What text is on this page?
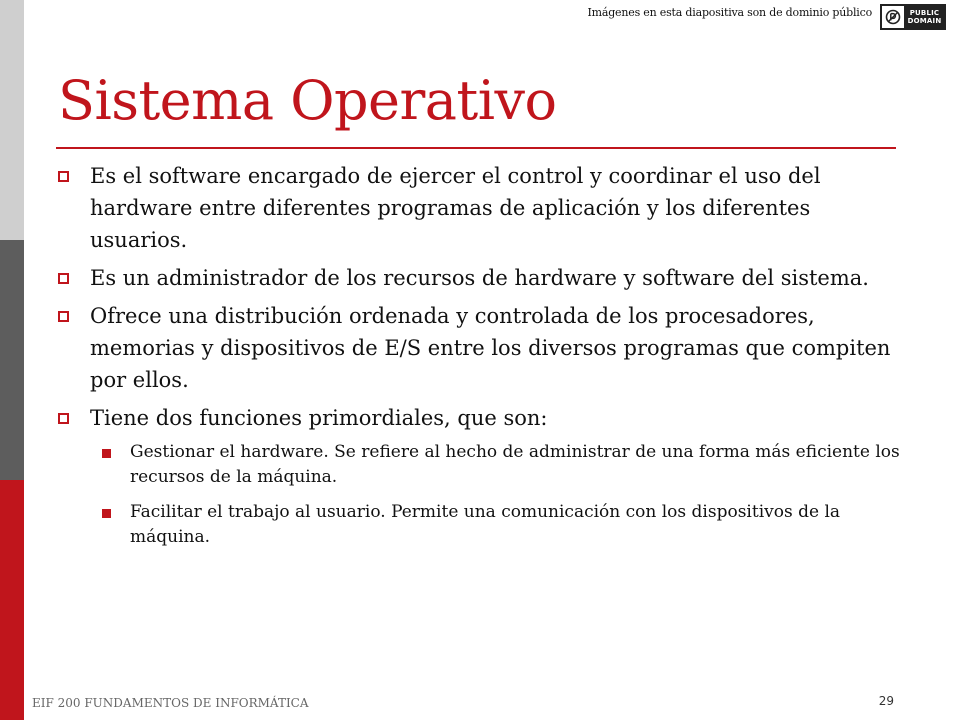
Imágenes en esta diapositiva son de dominio público	PUBLIC
DOMAIN
Sistema Operativo
Es el software encargado de ejercer el control y coordinar el uso del hardware entre diferentes programas de aplicación y los diferentes usuarios.
Es un administrador de los recursos de hardware y software del sistema.
Ofrece una distribución ordenada y controlada de los procesadores, memorias y dispositivos de E/S entre los diversos programas que compiten por ellos.
Tiene dos funciones primordiales, que son:
Gestionar el hardware. Se refiere al hecho de administrar de una forma más eficiente los recursos de la máquina.
Facilitar el trabajo al usuario. Permite una comunicación con los dispositivos de la máquina.
EIF 200 FUNDAMENTOS DE INFORMÁTICA	29
